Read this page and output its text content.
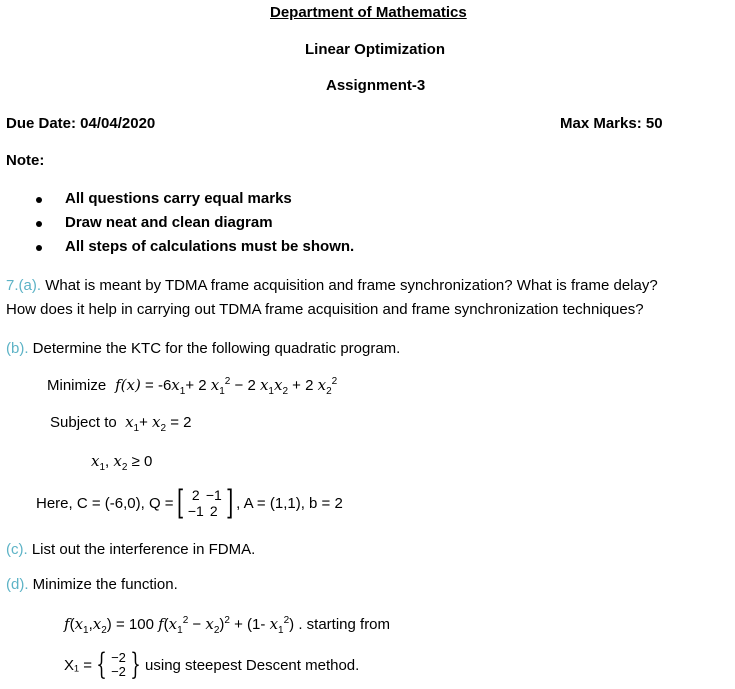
Department of Mathematics
Linear Optimization
Assignment-3
Due Date: 04/04/2020	Max Marks: 50
Note:
All questions carry equal marks
Draw neat and clean diagram
All steps of calculations must be shown.
7.(a). What is meant by TDMA frame acquisition and frame synchronization? What is frame delay?
How does it help in carrying out TDMA frame acquisition and frame synchronization techniques?
(b). Determine the KTC for the following quadratic program.
Minimize  $f(x) = -6x_1+ 2$ $x_1^2 - 2$ $x_1x_2 + 2$ $x_2^2$
Subject to $x_1+ x_2 = 2$
$x_1$, $x_2 \ge 0$
Here, C = (-6,0), Q = [ 2 −1
−1 2 ] , A = (1,1), b = 2
(c). List out the interference in FDMA.
(d). Minimize the function.
$f(x_1,x_2) = 100$ $f(x_1^2 - x_2)^2 + (1-$ $x_1^2$) . starting from
X₁ = { −2
−2 } using steepest Descent method.
